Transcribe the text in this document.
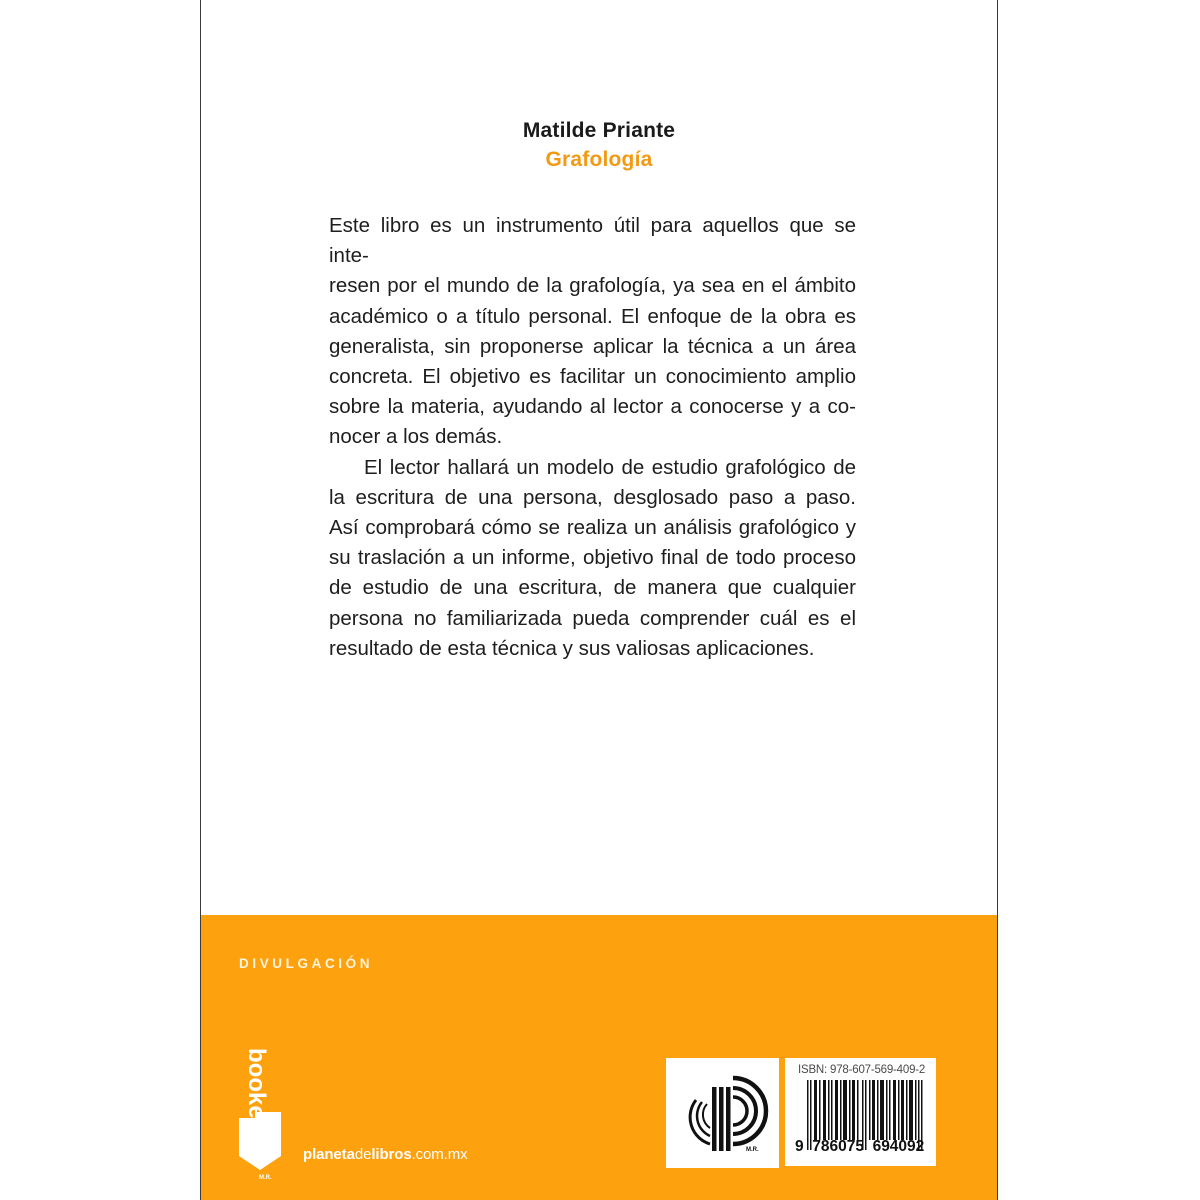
Matilde Priante
Grafología

Este libro es un instrumento útil para aquellos que se inte-
resen por el mundo de la grafología, ya sea en el ámbito
académico o a título personal. El enfoque de la obra es
generalista, sin proponerse aplicar la técnica a un área
concreta. El objetivo es facilitar un conocimiento amplio
sobre la materia, ayudando al lector a conocerse y a co-
nocer a los demás.

El lector hallará un modelo de estudio grafológico de
la escritura de una persona, desglosado paso a paso.
Así comprobará cómo se realiza un análisis grafológico y
su traslación a un informe, objetivo final de todo proceso
de estudio de una escritura, de manera que cualquier
persona no familiarizada pueda comprender cuál es el
resultado de esta técnica y sus valiosas aplicaciones.

DIVULGACIÓN
booket
M.R.
planetadelibros.com.mx	M.R.
ISBN: 978-607-569-409-2
9  786075  694092
